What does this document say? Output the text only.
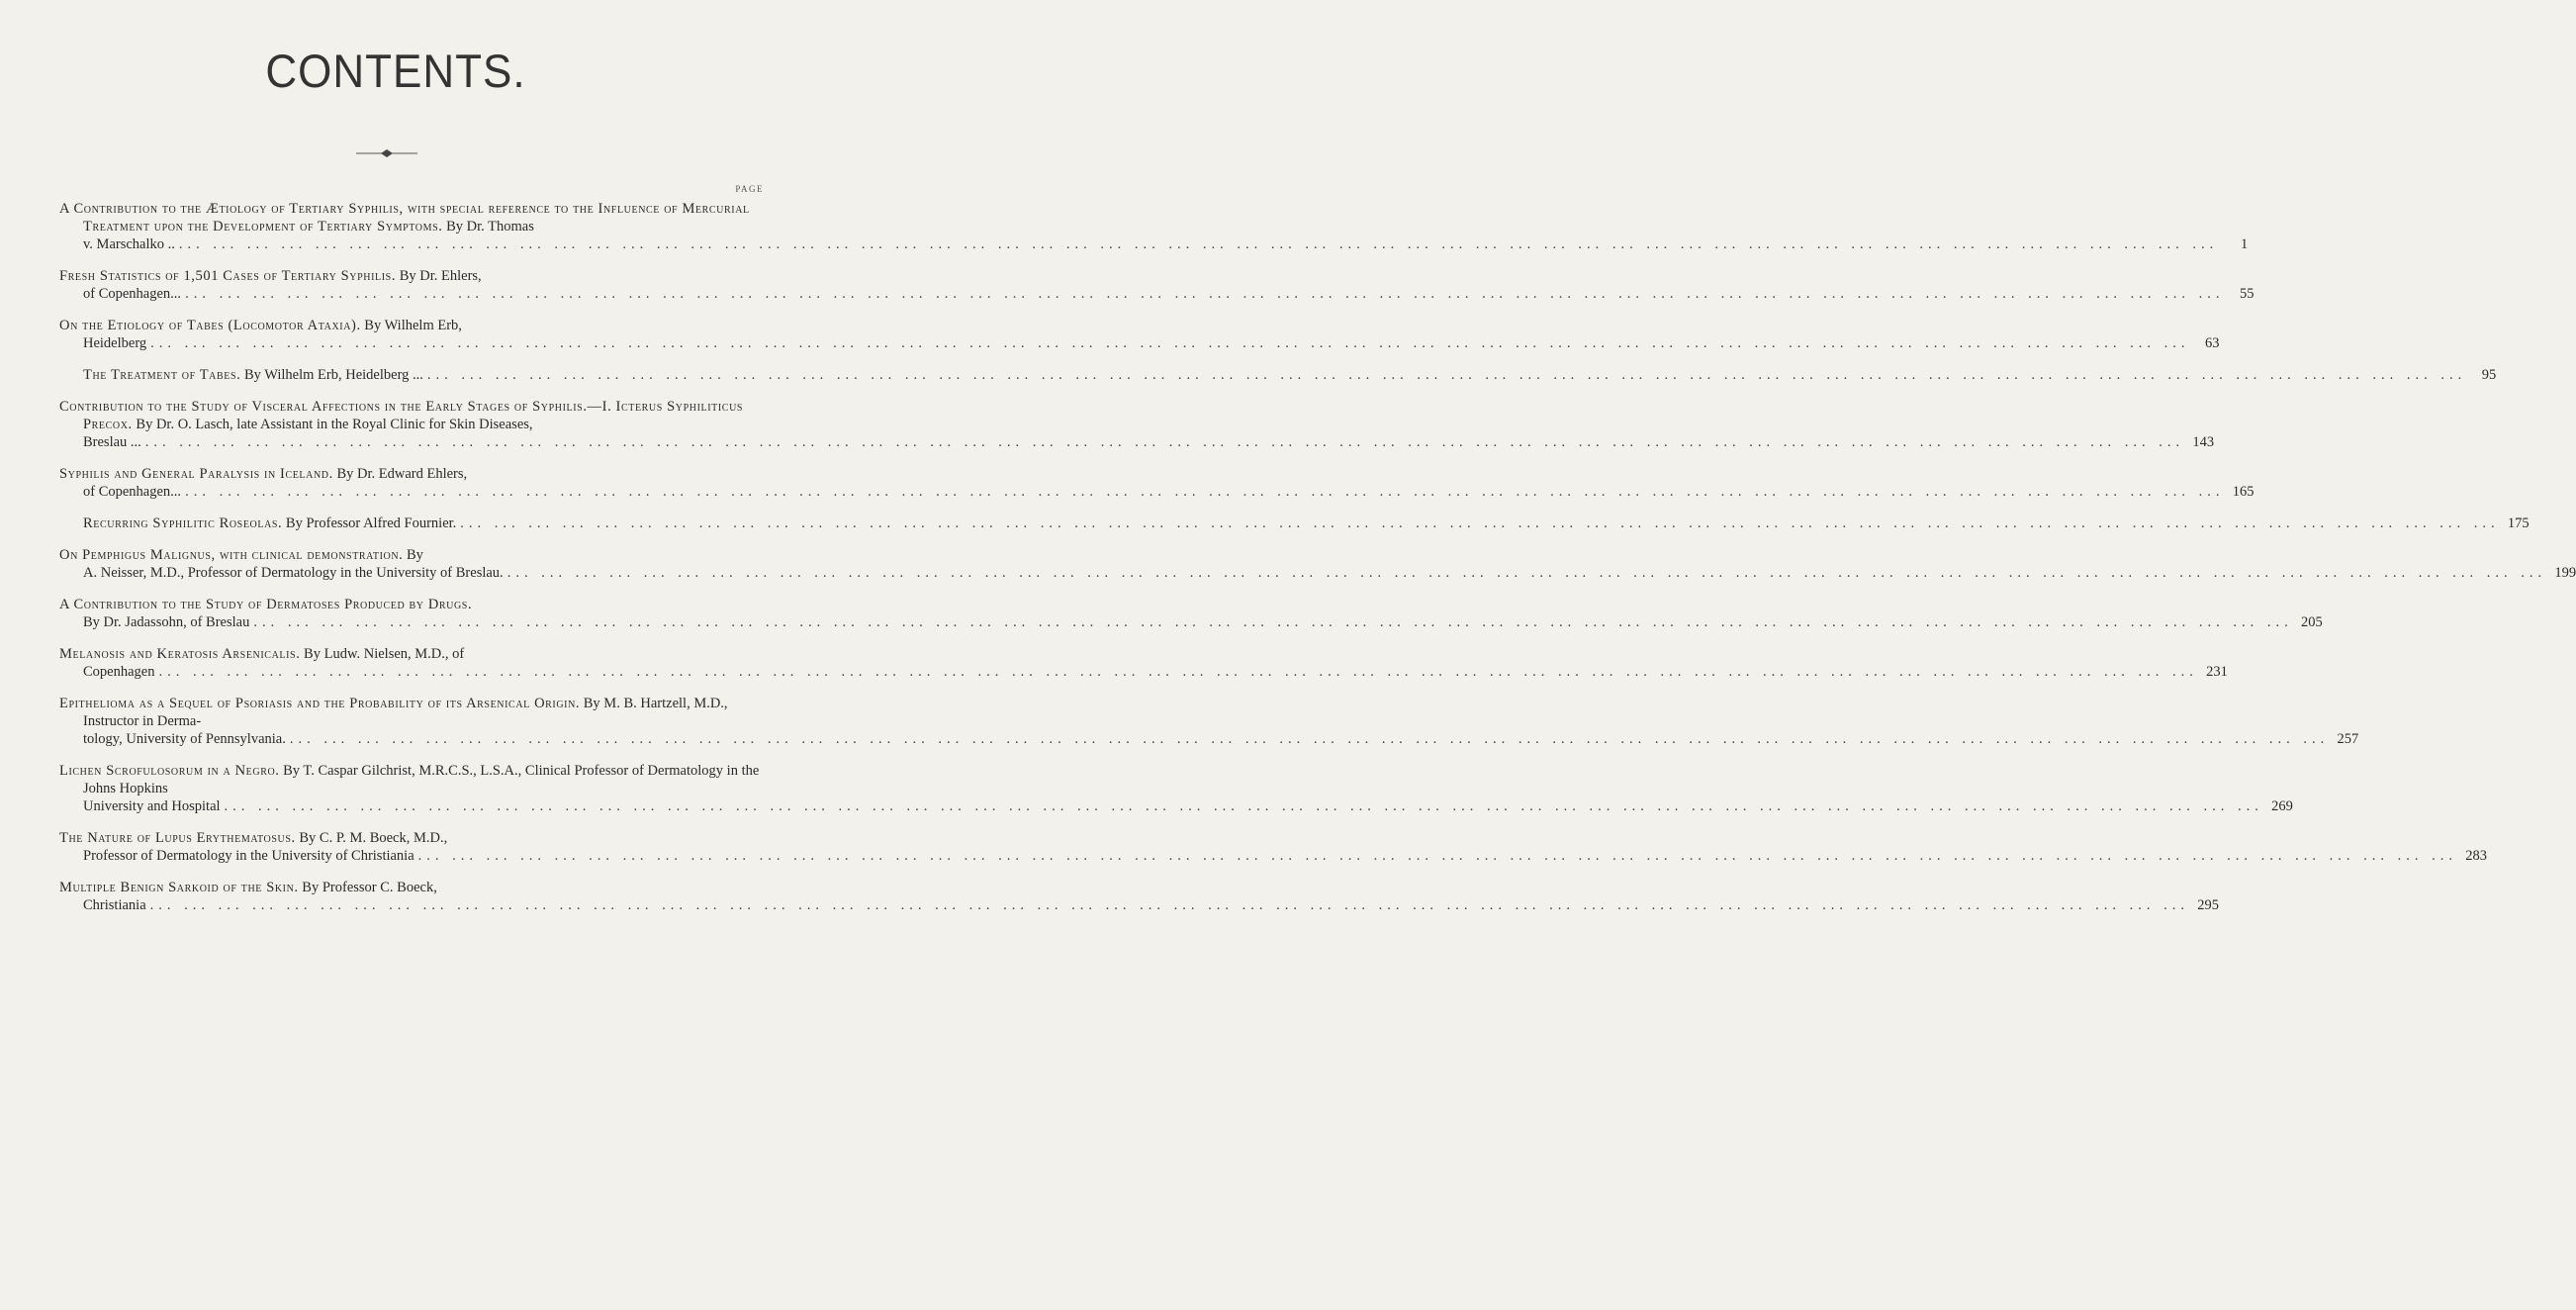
CONTENTS.
PAGE
A Contribution to the Ætiology of Tertiary Syphilis, with special reference to the Influence of Mercurial Treatment upon the Development of Tertiary Symptoms. By Dr. Thomas
v. Marschalko .. ... ... ... ... ... ... ... ... ... ... ... ... ... ... ... ... ... ... ... ... ... ... ... ... ... ... ... ... ... ... ... ... ... ... ... ... ... ... ... ... ... ... ... ... ... ... ... ... ... ... ... ... ... ... ... ... ... ... ... ...	1
Fresh Statistics of 1,501 Cases of Tertiary Syphilis. By Dr. Ehlers,
of Copenhagen... ... ... ... ... ... ... ... ... ... ... ... ... ... ... ... ... ... ... ... ... ... ... ... ... ... ... ... ... ... ... ... ... ... ... ... ... ... ... ... ... ... ... ... ... ... ... ... ... ... ... ... ... ... ... ... ... ... ... ... ...	55
On the Etiology of Tabes (Locomotor Ataxia). By Wilhelm Erb,
Heidelberg ... ... ... ... ... ... ... ... ... ... ... ... ... ... ... ... ... ... ... ... ... ... ... ... ... ... ... ... ... ... ... ... ... ... ... ... ... ... ... ... ... ... ... ... ... ... ... ... ... ... ... ... ... ... ... ... ... ... ... ...	63
The Treatment of Tabes. By Wilhelm Erb, Heidelberg ... ... ... ... ... ... ... ... ... ... ... ... ... ... ... ... ... ... ... ... ... ... ... ... ... ... ... ... ... ... ... ... ... ... ... ... ... ... ... ... ... ... ... ... ... ... ... ... ... ... ... ... ... ... ... ... ... ... ... ... ...	95
Contribution to the Study of Visceral Affections in the Early Stages of Syphilis.—I. Icterus Syphiliticus Precox. By Dr. O. Lasch, late Assistant in the Royal Clinic for Skin Diseases,
Breslau ... ... ... ... ... ... ... ... ... ... ... ... ... ... ... ... ... ... ... ... ... ... ... ... ... ... ... ... ... ... ... ... ... ... ... ... ... ... ... ... ... ... ... ... ... ... ... ... ... ... ... ... ... ... ... ... ... ... ... ... ... 143
Syphilis and General Paralysis in Iceland. By Dr. Edward Ehlers,
of Copenhagen... ... ... ... ... ... ... ... ... ... ... ... ... ... ... ... ... ... ... ... ... ... ... ... ... ... ... ... ... ... ... ... ... ... ... ... ... ... ... ... ... ... ... ... ... ... ... ... ... ... ... ... ... ... ... ... ... ... ... ... ... 165
Recurring Syphilitic Roseolas. By Professor Alfred Fournier. ... ... ... ... ... ... ... ... ... ... ... ... ... ... ... ... ... ... ... ... ... ... ... ... ... ... ... ... ... ... ... ... ... ... ... ... ... ... ... ... ... ... ... ... ... ... ... ... ... ... ... ... ... ... ... ... ... ... ... ... 175
On Pemphigus Malignus, with clinical demonstration. By
A. Neisser, M.D., Professor of Dermatology in the University of Breslau. ... ... ... ... ... ... ... ... ... ... ... ... ... ... ... ... ... ... ... ... ... ... ... ... ... ... ... ... ... ... ... ... ... ... ... ... ... ... ... ... ... ... ... ... ... ... ... ... ... ... ... ... ... ... ... ... ... ... ... ... 199
A Contribution to the Study of Dermatoses Produced by Drugs.
By Dr. Jadassohn, of Breslau ... ... ... ... ... ... ... ... ... ... ... ... ... ... ... ... ... ... ... ... ... ... ... ... ... ... ... ... ... ... ... ... ... ... ... ... ... ... ... ... ... ... ... ... ... ... ... ... ... ... ... ... ... ... ... ... ... ... ... ... 205
Melanosis and Keratosis Arsenicalis. By Ludw. Nielsen, M.D., of
Copenhagen ... ... ... ... ... ... ... ... ... ... ... ... ... ... ... ... ... ... ... ... ... ... ... ... ... ... ... ... ... ... ... ... ... ... ... ... ... ... ... ... ... ... ... ... ... ... ... ... ... ... ... ... ... ... ... ... ... ... ... ... 231
Epithelioma as a Sequel of Psoriasis and the Probability of its Arsenical Origin. By M. B. Hartzell, M.D., Instructor in Derma-
tology, University of Pennsylvania. ... ... ... ... ... ... ... ... ... ... ... ... ... ... ... ... ... ... ... ... ... ... ... ... ... ... ... ... ... ... ... ... ... ... ... ... ... ... ... ... ... ... ... ... ... ... ... ... ... ... ... ... ... ... ... ... ... ... ... ... 257
Lichen Scrofulosorum in a Negro. By T. Caspar Gilchrist, M.R.C.S., L.S.A., Clinical Professor of Dermatology in the Johns Hopkins
University and Hospital ... ... ... ... ... ... ... ... ... ... ... ... ... ... ... ... ... ... ... ... ... ... ... ... ... ... ... ... ... ... ... ... ... ... ... ... ... ... ... ... ... ... ... ... ... ... ... ... ... ... ... ... ... ... ... ... ... ... ... ... 269
The Nature of Lupus Erythematosus. By C. P. M. Boeck, M.D.,
Professor of Dermatology in the University of Christiania ... ... ... ... ... ... ... ... ... ... ... ... ... ... ... ... ... ... ... ... ... ... ... ... ... ... ... ... ... ... ... ... ... ... ... ... ... ... ... ... ... ... ... ... ... ... ... ... ... ... ... ... ... ... ... ... ... ... ... ... 283
Multiple Benign Sarkoid of the Skin. By Professor C. Boeck,
Christiania ... ... ... ... ... ... ... ... ... ... ... ... ... ... ... ... ... ... ... ... ... ... ... ... ... ... ... ... ... ... ... ... ... ... ... ... ... ... ... ... ... ... ... ... ... ... ... ... ... ... ... ... ... ... ... ... ... ... ... ... 295
